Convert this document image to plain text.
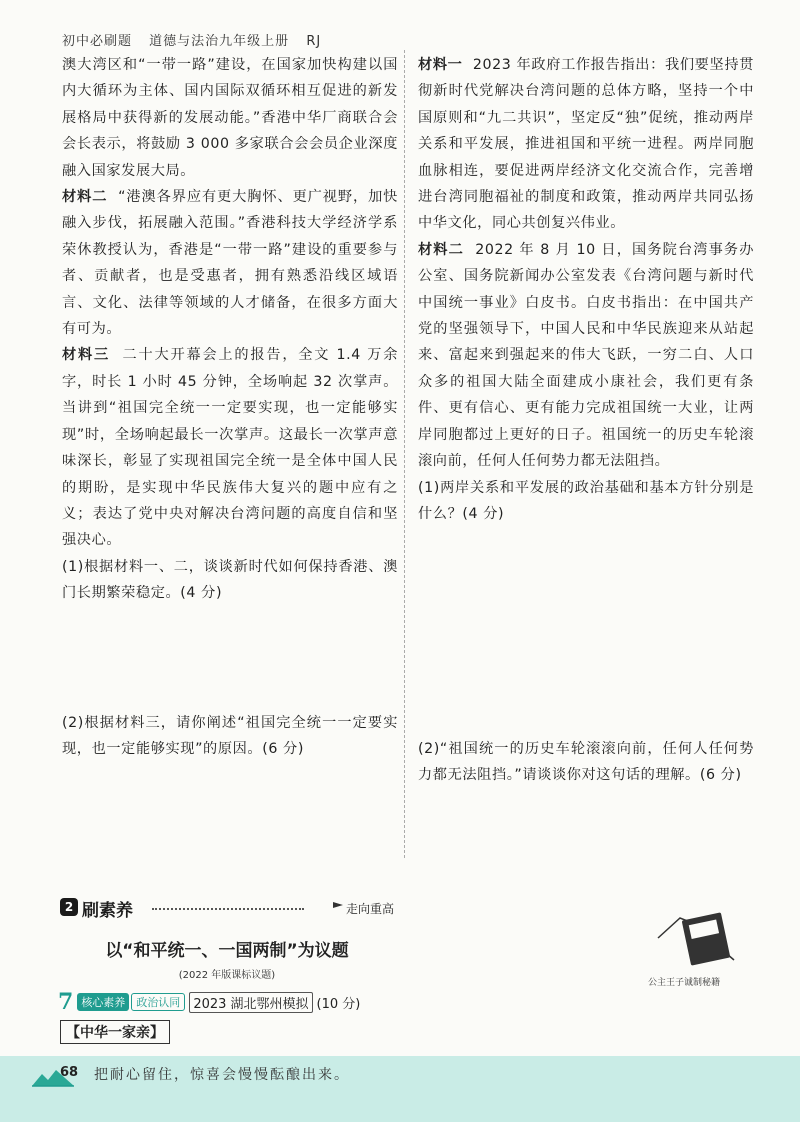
初中必刷题 道德与法治九年级上册 RJ

澳大湾区和“一带一路”建设，在国家加快构建以国内大循环为主体、国内国际双循环相互促进的新发展格局中获得新的发展动能。”香港中华厂商联合会会长表示，将鼓励 3 000 多家联合会会员企业深度融入国家发展大局。

材料二 “港澳各界应有更大胸怀、更广视野，加快融入步伐，拓展融入范围。”香港科技大学经济学系荣休教授认为，香港是“一带一路”建设的重要参与者、贡献者，也是受惠者，拥有熟悉沿线区域语言、文化、法律等领域的人才储备，在很多方面大有可为。

材料三 二十大开幕会上的报告，全文 1.4 万余字，时长 1 小时 45 分钟，全场响起 32 次掌声。当讲到“祖国完全统一一定要实现，也一定能够实现”时，全场响起最长一次掌声。这最长一次掌声意味深长，彰显了实现祖国完全统一是全体中国人民的期盼，是实现中华民族伟大复兴的题中应有之义；表达了党中央对解决台湾问题的高度自信和坚强决心。

(1)根据材料一、二，谈谈新时代如何保持香港、澳门长期繁荣稳定。(4 分)

(2)根据材料三，请你阐述“祖国完全统一一定要实现，也一定能够实现”的原因。(6 分)

材料一 2023 年政府工作报告指出：我们要坚持贯彻新时代党解决台湾问题的总体方略，坚持一个中国原则和“九二共识”，坚定反“独”促统，推动两岸关系和平发展，推进祖国和平统一进程。两岸同胞血脉相连，要促进两岸经济文化交流合作，完善增进台湾同胞福祉的制度和政策，推动两岸共同弘扬中华文化，同心共创复兴伟业。

材料二 2022 年 8 月 10 日，国务院台湾事务办公室、国务院新闻办公室发表《台湾问题与新时代中国统一事业》白皮书。白皮书指出：在中国共产党的坚强领导下，中国人民和中华民族迎来从站起来、富起来到强起来的伟大飞跃，一穷二白、人口众多的祖国大陆全面建成小康社会，我们更有条件、更有信心、更有能力完成祖国统一大业，让两岸同胞都过上更好的日子。祖国统一的历史车轮滚滚向前，任何人任何势力都无法阻挡。

(1)两岸关系和平发展的政治基础和基本方针分别是什么？(4 分)

(2)“祖国统一的历史车轮滚滚向前，任何人任何势力都无法阻挡。”请谈谈你对这句话的理解。(6 分)
2 刷素养	走向重高
以“和平统一、一国两制”为议题
(2022 年版课标议题)
7 核心素养	政治认同	2023 湖北鄂州模拟 (10 分)
【中华一家亲】
公主王子诚制秘籍
68 把耐心留住，惊喜会慢慢酝酿出来。
